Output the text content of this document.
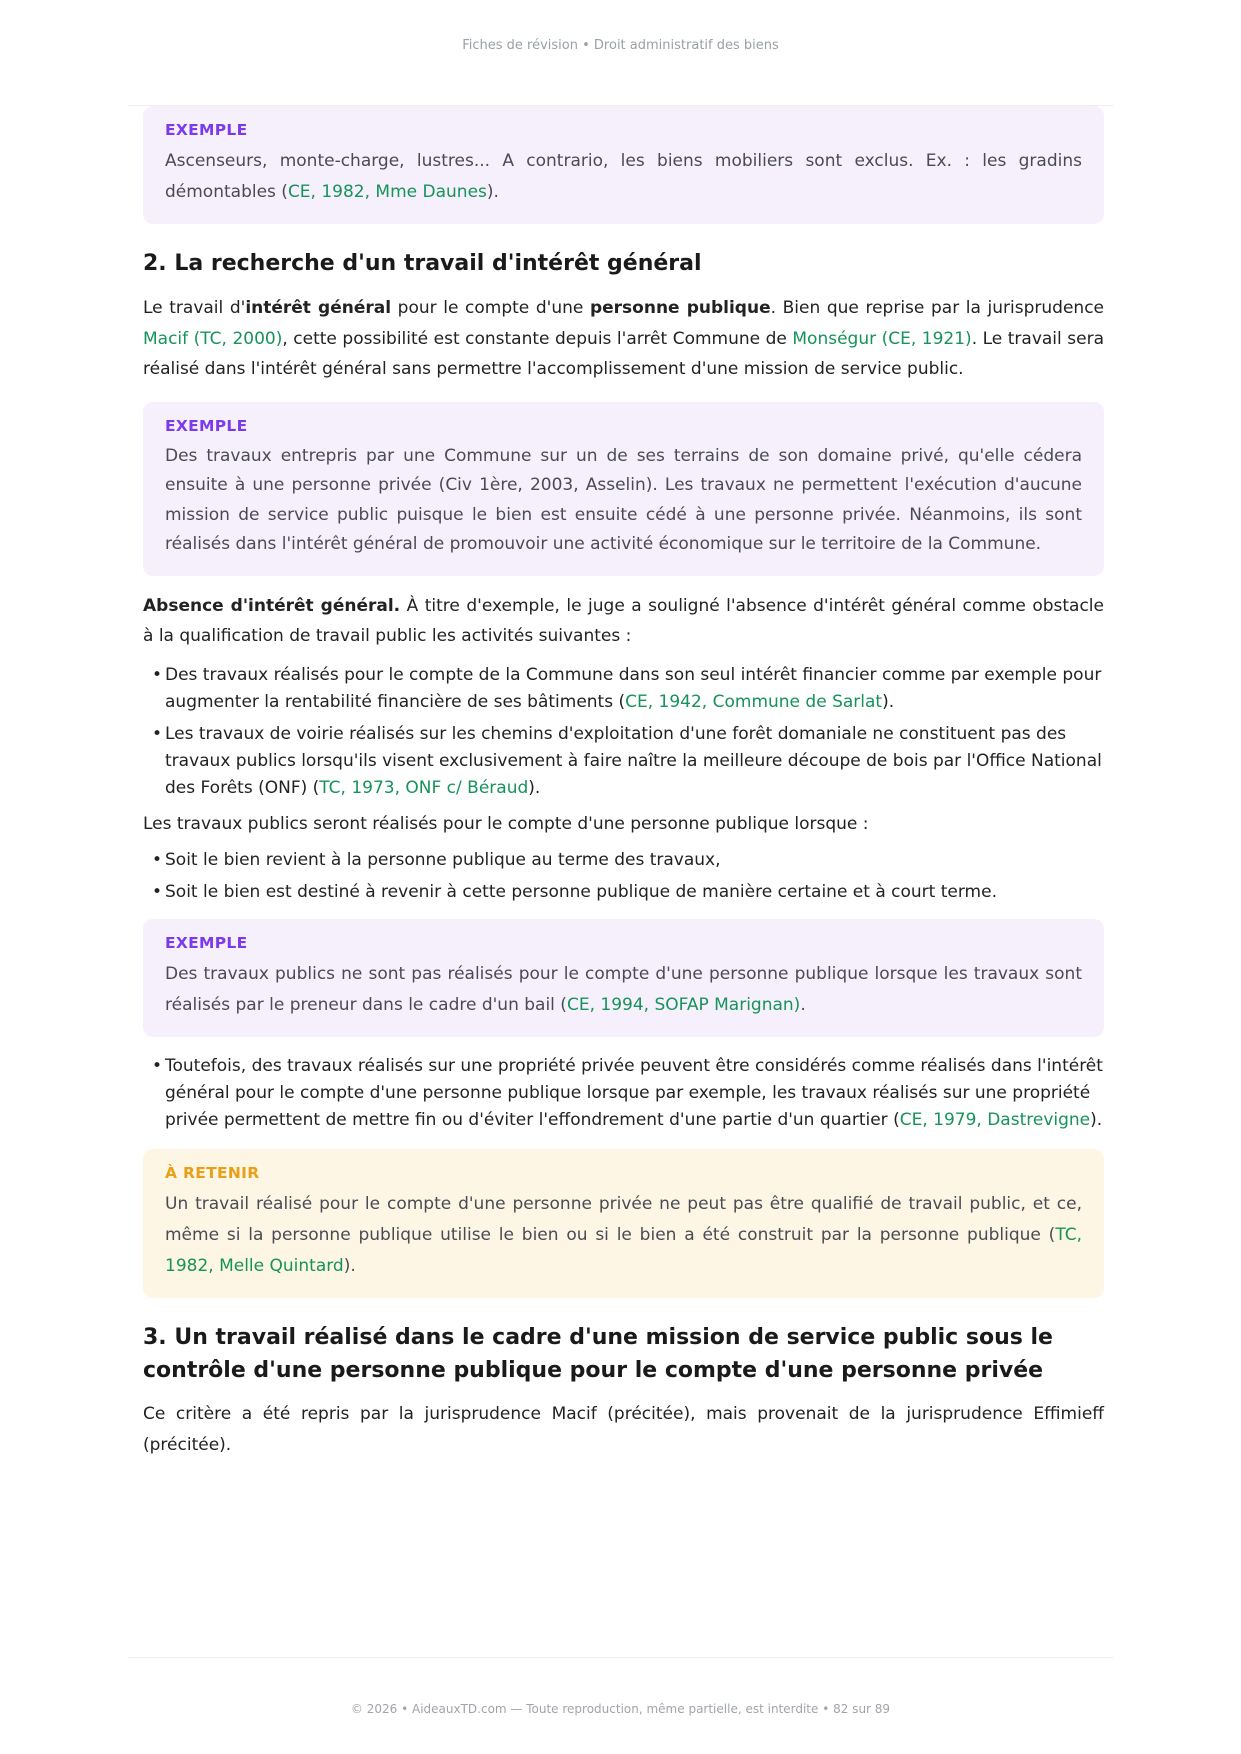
Fiches de révision • Droit administratif des biens
EXEMPLE
Ascenseurs, monte-charge, lustres... A contrario, les biens mobiliers sont exclus. Ex. : les gradins démontables (CE, 1982, Mme Daunes).
2. La recherche d'un travail d'intérêt général

Le travail d'intérêt général pour le compte d'une personne publique. Bien que reprise par la jurisprudence Macif (TC, 2000), cette possibilité est constante depuis l'arrêt Commune de Monségur (CE, 1921). Le travail sera réalisé dans l'intérêt général sans permettre l'accomplissement d'une mission de service public.

EXEMPLE
Des travaux entrepris par une Commune sur un de ses terrains de son domaine privé, qu'elle cédera ensuite à une personne privée (Civ 1ère, 2003, Asselin). Les travaux ne permettent l'exécution d'aucune mission de service public puisque le bien est ensuite cédé à une personne privée. Néanmoins, ils sont réalisés dans l'intérêt général de promouvoir une activité économique sur le territoire de la Commune.

Absence d'intérêt général. À titre d'exemple, le juge a souligné l'absence d'intérêt général comme obstacle à la qualification de travail public les activités suivantes :

• Des travaux réalisés pour le compte de la Commune dans son seul intérêt financier comme par exemple pour augmenter la rentabilité financière de ses bâtiments (CE, 1942, Commune de Sarlat).
• Les travaux de voirie réalisés sur les chemins d'exploitation d'une forêt domaniale ne constituent pas des travaux publics lorsqu'ils visent exclusivement à faire naître la meilleure découpe de bois par l'Office National des Forêts (ONF) (TC, 1973, ONF c/ Béraud).

Les travaux publics seront réalisés pour le compte d'une personne publique lorsque :

• Soit le bien revient à la personne publique au terme des travaux,
• Soit le bien est destiné à revenir à cette personne publique de manière certaine et à court terme.
EXEMPLE
Des travaux publics ne sont pas réalisés pour le compte d'une personne publique lorsque les travaux sont réalisés par le preneur dans le cadre d'un bail (CE, 1994, SOFAP Marignan).
• Toutefois, des travaux réalisés sur une propriété privée peuvent être considérés comme réalisés dans l'intérêt général pour le compte d'une personne publique lorsque par exemple, les travaux réalisés sur une propriété privée permettent de mettre fin ou d'éviter l'effondrement d'une partie d'un quartier (CE, 1979, Dastrevigne).
À RETENIR
Un travail réalisé pour le compte d'une personne privée ne peut pas être qualifié de travail public, et ce, même si la personne publique utilise le bien ou si le bien a été construit par la personne publique (TC, 1982, Melle Quintard).
3. Un travail réalisé dans le cadre d'une mission de service public sous le contrôle d'une personne publique pour le compte d'une personne privée

Ce critère a été repris par la jurisprudence Macif (précitée), mais provenait de la jurisprudence Effimieff (précitée).

© 2026 • AideauxTD.com — Toute reproduction, même partielle, est interdite • 82 sur 89
